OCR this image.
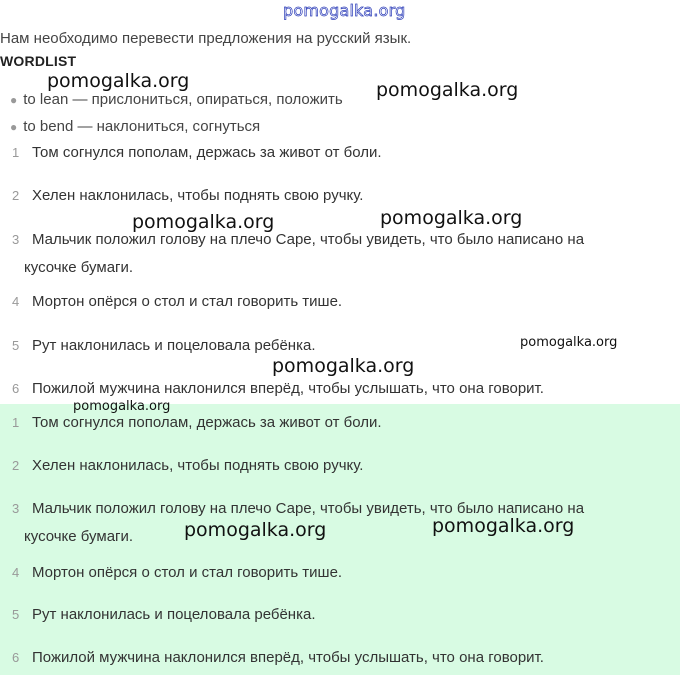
pomogalka.org
Нам необходимо перевести предложения на русский язык.
WORDLIST
● to lean — прислониться, опираться, положить
● to bend — наклониться, согнуться
1 Том согнулся пополам, держась за живот от боли.
2 Хелен наклонилась, чтобы поднять свою ручку.
3 Мальчик положил голову на плечо Саре, чтобы увидеть, что было написано на
кусочке бумаги.
4 Мортон опёрся о стол и стал говорить тише.
5 Рут наклонилась и поцеловала ребёнка.
6 Пожилой мужчина наклонился вперёд, чтобы услышать, что она говорит.
1 Том согнулся пополам, держась за живот от боли.
2 Хелен наклонилась, чтобы поднять свою ручку.
3 Мальчик положил голову на плечо Саре, чтобы увидеть, что было написано на
кусочке бумаги.
4 Мортон опёрся о стол и стал говорить тише.
5 Рут наклонилась и поцеловала ребёнка.
6 Пожилой мужчина наклонился вперёд, чтобы услышать, что она говорит.
pomogalka.org	pomogalka.org
pomogalka.org	pomogalka.org
pomogalka.org
pomogalka.org
pomogalka.org
pomogalka.org	pomogalka.org
